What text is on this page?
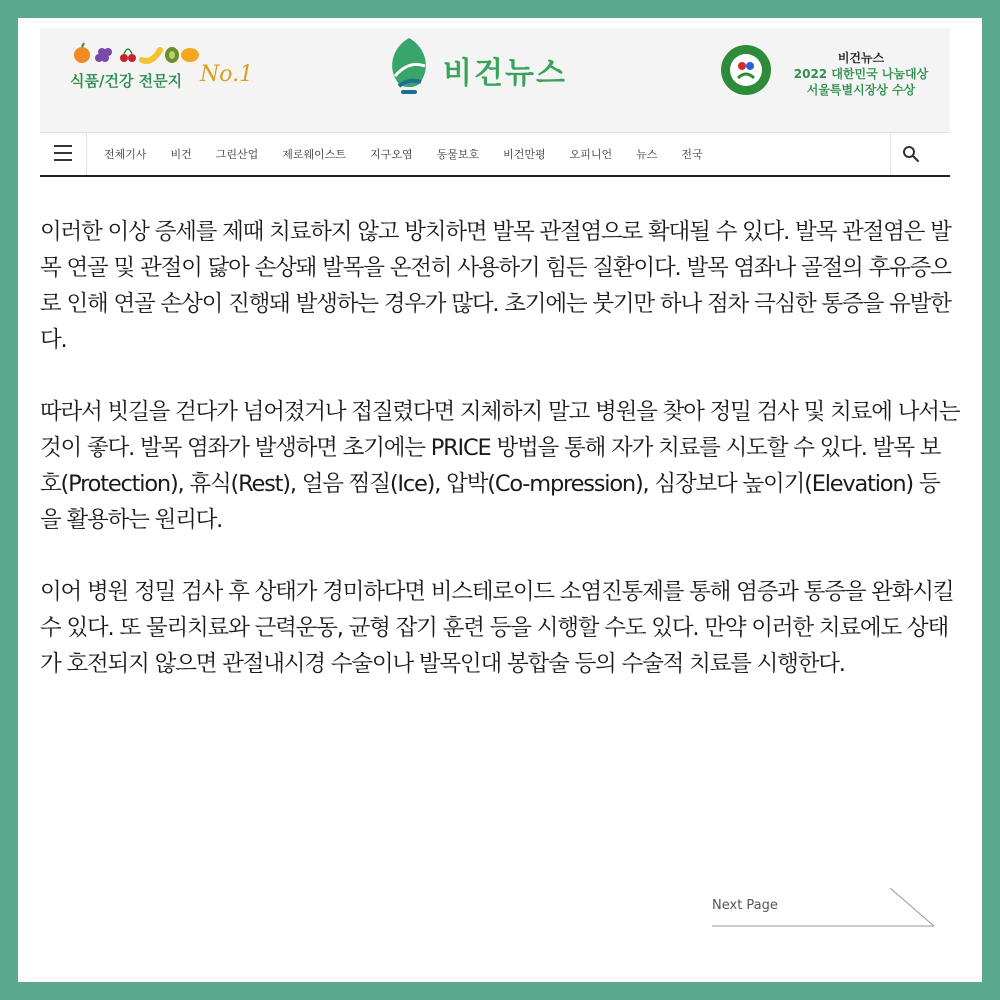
식품/건강 전문지 No.1	비건뉴스	비건뉴스
2022 대한민국 나눔대상
서울특별시장상 수상
전체기사 비건 그린산업 제로웨이스트 지구오염 동물보호 비건만평 오피니언 뉴스 전국

이러한 이상 증세를 제때 치료하지 않고 방치하면 발목 관절염으로 확대될 수 있다. 발목 관절염은 발목 연골 및 관절이 닳아 손상돼 발목을 온전히 사용하기 힘든 질환이다. 발목 염좌나 골절의 후유증으로 인해 연골 손상이 진행돼 발생하는 경우가 많다. 초기에는 붓기만 하나 점차 극심한 통증을 유발한다.

따라서 빗길을 걷다가 넘어졌거나 접질렸다면 지체하지 말고 병원을 찾아 정밀 검사 및 치료에 나서는 것이 좋다. 발목 염좌가 발생하면 초기에는 PRICE 방법을 통해 자가 치료를 시도할 수 있다. 발목 보호(Protection), 휴식(Rest), 얼음 찜질(Ice), 압박(Co-mpression), 심장보다 높이기(Elevation) 등을 활용하는 원리다.

이어 병원 정밀 검사 후 상태가 경미하다면 비스테로이드 소염진통제를 통해 염증과 통증을 완화시킬 수 있다. 또 물리치료와 근력운동, 균형 잡기 훈련 등을 시행할 수도 있다. 만약 이러한 치료에도 상태가 호전되지 않으면 관절내시경 수술이나 발목인대 봉합술 등의 수술적 치료를 시행한다.

Next Page
